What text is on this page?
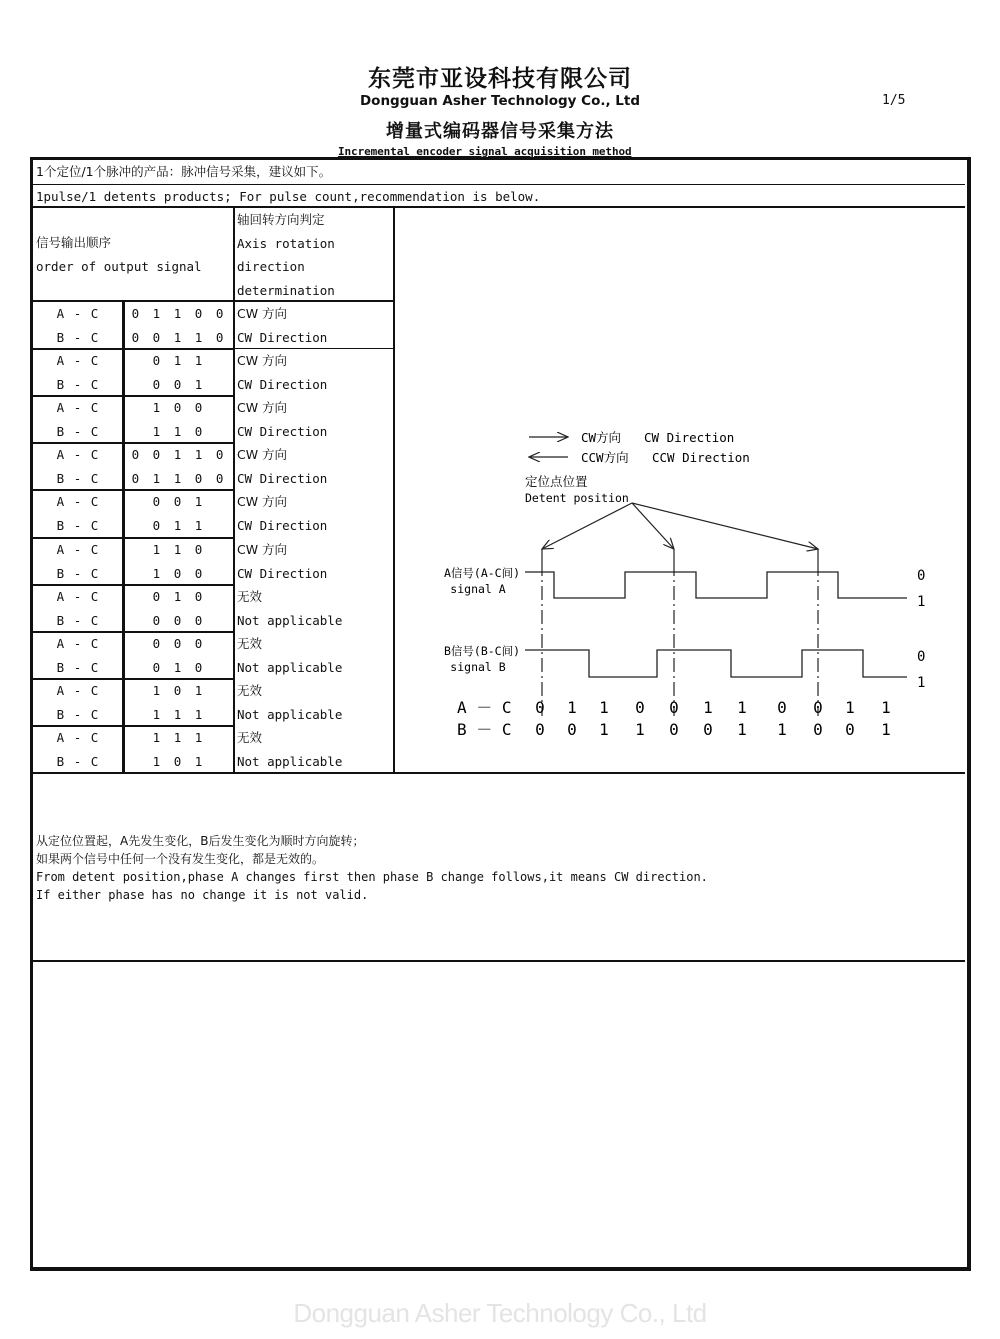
东莞市亚设科技有限公司
Dongguan Asher Technology Co., Ltd	1/5
增量式编码器信号采集方法
Incremental encoder signal acquisition method
1个定位/1个脉冲的产品：脉冲信号采集，建议如下。
1pulse/1 detents products; For pulse count,recommendation is below.
信号输出顺序
order of output signal
轴回转方向判定
Axis rotation
direction
determination
A - C
B - C
0 1 1 0 0
0 0 1 1 0
CW 方向
CW Direction
A - C
B - C
0 1 1
0 0 1
CW 方向
CW Direction
A - C
B - C
1 0 0
1 1 0
CW 方向
CW Direction
A - C
B - C
0 0 1 1 0
0 1 1 0 0
CW 方向
CW Direction
A - C
B - C
0 0 1
0 1 1
CW 方向
CW Direction
A - C
B - C
1 1 0
1 0 0
CW 方向
CW Direction
A - C
B - C
0 1 0
0 0 0
无效
Not applicable
A - C
B - C
0 0 0
0 1 0
无效
Not applicable
A - C
B - C
1 0 1
1 1 1
无效
Not applicable
A - C
B - C
1 1 1
1 0 1
无效
Not applicable
CW方向 CW Direction
CCW方向 CCW Direction
定位点位置
Detent position
A信号(A-C间)
signal A
B信号(B-C间)
signal B
0
1
0
1
A － C
B － C
0 1 1 0 0 1 1 0 0 1 1
0 0 1 1 0 0 1 1 0 0 1
从定位位置起，A先发生变化，B后发生变化为顺时方向旋转；
如果两个信号中任何一个没有发生变化，都是无效的。
From detent position,phase A changes first then phase B change follows,it means CW direction.
If either phase has no change it is not valid.
Dongguan Asher Technology Co., Ltd
